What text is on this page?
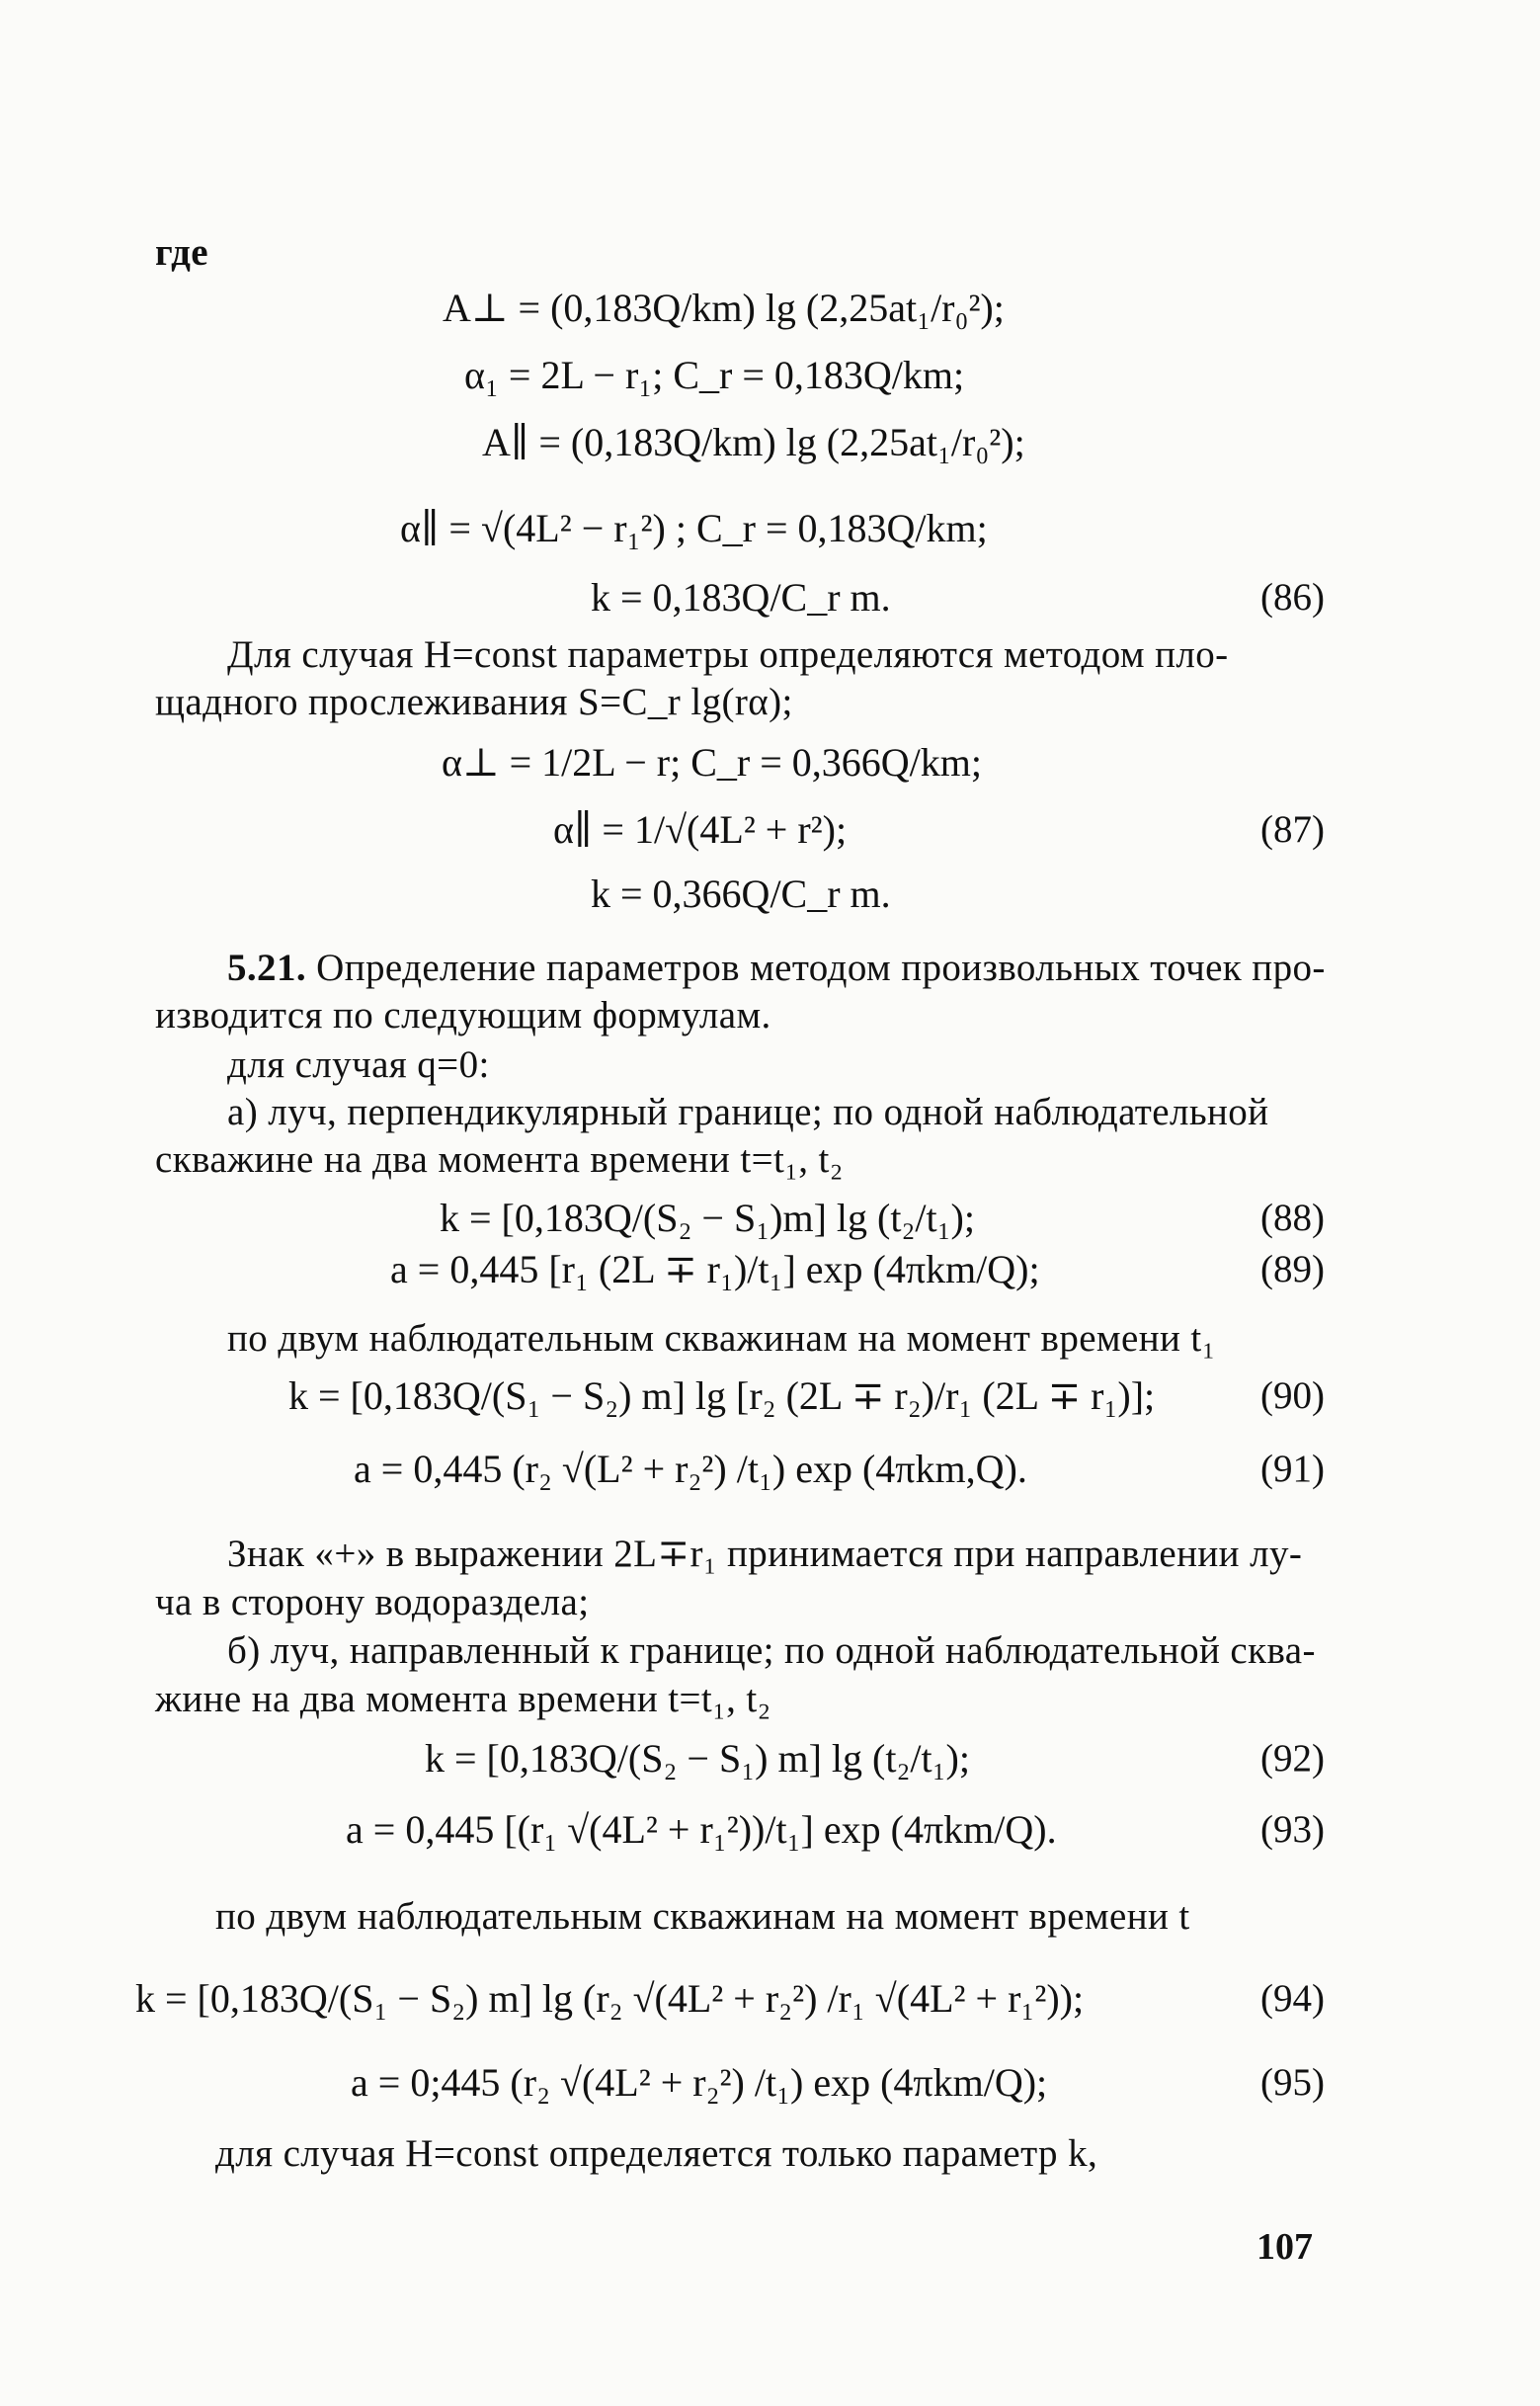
где

A⊥ = (0,183Q/km) lg (2,25at₁/r₀²);
α₁ = 2L − r₁; C_r = 0,183Q/km;
A∥ = (0,183Q/km) lg (2,25at₁/r₀²);
α∥ = √(4L² − r₁²) ; C_r = 0,183Q/km;
k = 0,183Q/C_r m.	(86)

Для случая H=const параметры определяются методом пло-

щадного прослеживания S=C_r lg(rα);

α⊥ = 1/2L − r; C_r = 0,366Q/km;
α∥ = 1/√(4L² + r²);	(87)
k = 0,366Q/C_r m.

5.21. Определение параметров методом произвольных точек про-

изводится по следующим формулам.

для случая q=0:

а) луч, перпендикулярный границе; по одной наблюдательной

скважине на два момента времени t=t₁, t₂

k = [0,183Q/(S₂ − S₁)m] lg (t₂/t₁);	(88)
a = 0,445 [r₁ (2L ∓ r₁)/t₁] exp (4πkm/Q);	(89)

по двум наблюдательным скважинам на момент времени t₁

k = [0,183Q/(S₁ − S₂) m] lg [r₂ (2L ∓ r₂)/r₁ (2L ∓ r₁)];	(90)
a = 0,445 (r₂ √(L² + r₂²) /t₁) exp (4πkm,Q).	(91)

Знак «+» в выражении 2L∓r₁ принимается при направлении лу-

ча в сторону водораздела;

б) луч, направленный к границе; по одной наблюдательной сква-

жине на два момента времени t=t₁, t₂

k = [0,183Q/(S₂ − S₁) m] lg (t₂/t₁);	(92)
a = 0,445 [(r₁ √(4L² + r₁²))/t₁] exp (4πkm/Q).	(93)

по двум наблюдательным скважинам на момент времени t

k = [0,183Q/(S₁ − S₂) m] lg (r₂ √(4L² + r₂²) /r₁ √(4L² + r₁²));	(94)
a = 0;445 (r₂ √(4L² + r₂²) /t₁) exp (4πkm/Q);	(95)

для случая H=const определяется только параметр k,

107
